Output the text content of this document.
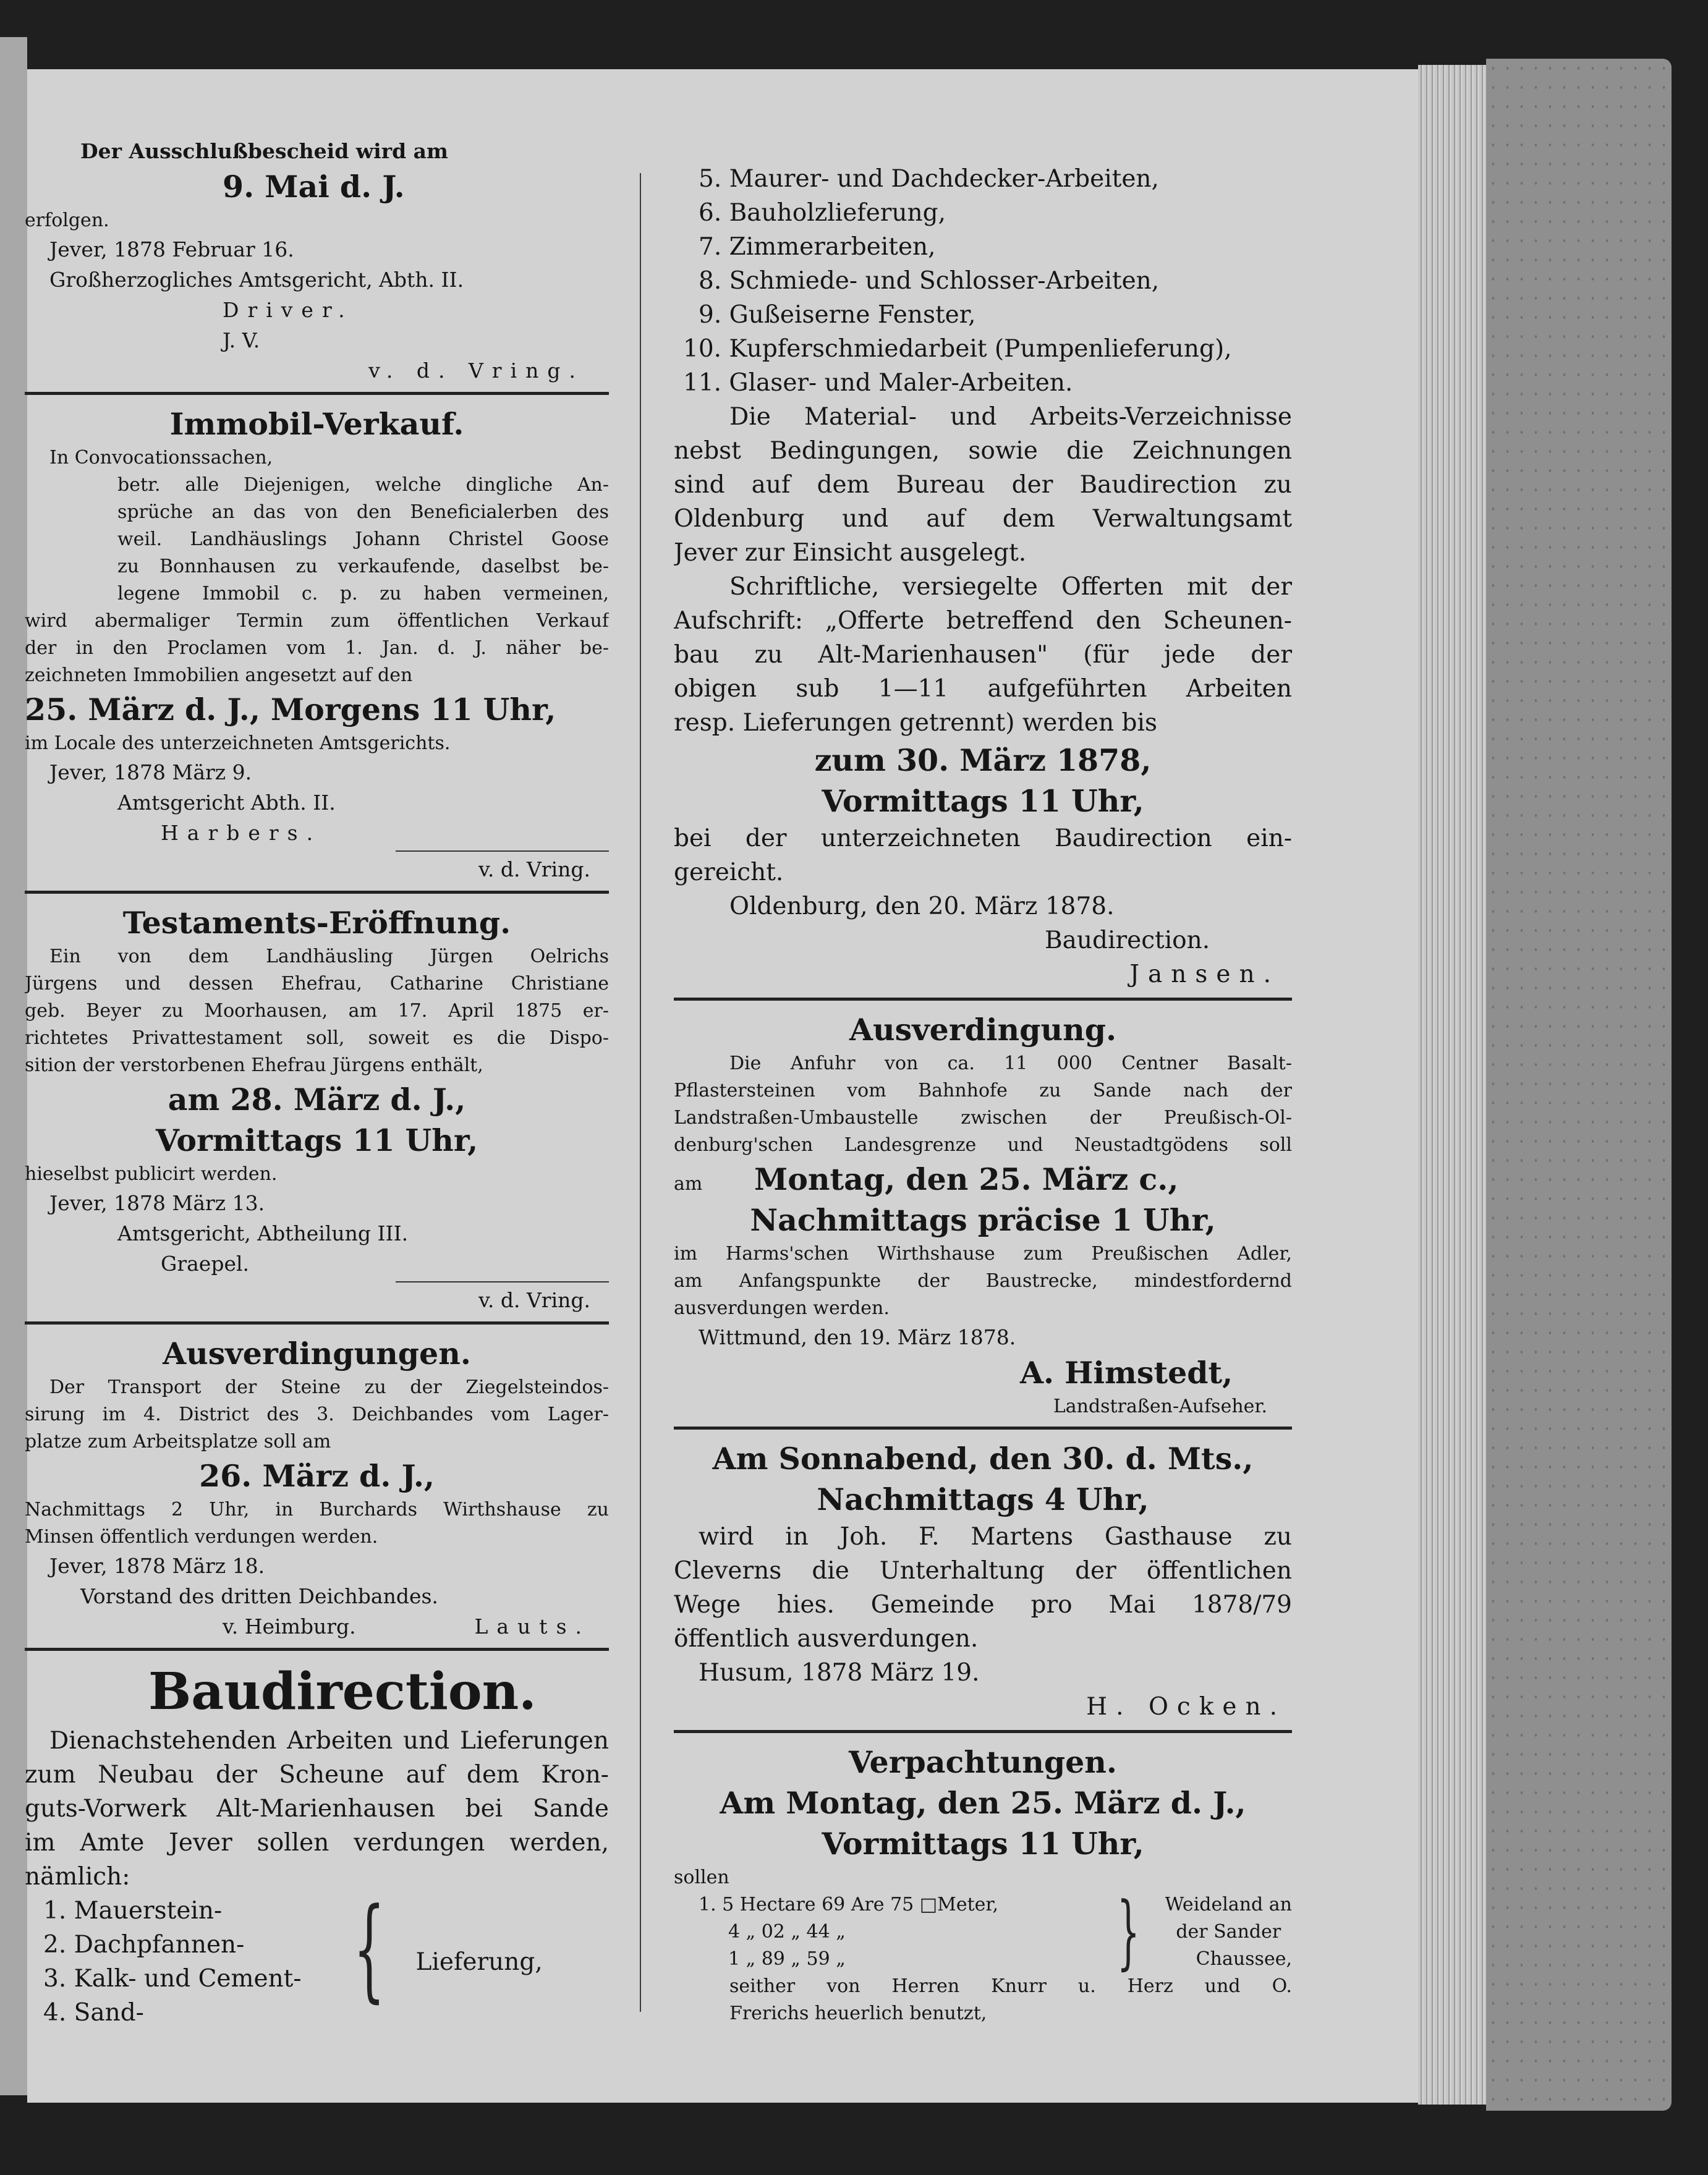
Der Ausschlußbescheid wird am
9. Mai d. J.
erfolgen.
Jever, 1878 Februar 16.
Großherzogliches Amtsgericht, Abth. II.
Driver.
J. V.
v. d. Vring.
Immobil-Verkauf.
In Convocationssachen,
betr. alle Diejenigen, welche dingliche An-
sprüche an das von den Beneficialerben des
weil. Landhäuslings Johann Christel Goose
zu Bonnhausen zu verkaufende, daselbst be-
legene Immobil c. p. zu haben vermeinen,
wird abermaliger Termin zum öffentlichen Verkauf
der in den Proclamen vom 1. Jan. d. J. näher be-
zeichneten Immobilien angesetzt auf den
25. März d. J., Morgens 11 Uhr,
im Locale des unterzeichneten Amtsgerichts.
Jever, 1878 März 9.
Amtsgericht Abth. II.
Harbers.
v. d. Vring.
Testaments-Eröffnung.
Ein von dem Landhäusling Jürgen Oelrichs
Jürgens und dessen Ehefrau, Catharine Christiane
geb. Beyer zu Moorhausen, am 17. April 1875 er-
richtetes Privattestament soll, soweit es die Dispo-
sition der verstorbenen Ehefrau Jürgens enthält,
am 28. März d. J.,
Vormittags 11 Uhr,
hieselbst publicirt werden.
Jever, 1878 März 13.
Amtsgericht, Abtheilung III.
Graepel.
v. d. Vring.
Ausverdingungen.
Der Transport der Steine zu der Ziegelsteindos-
sirung im 4. District des 3. Deichbandes vom Lager-
platze zum Arbeitsplatze soll am
26. März d. J.,
Nachmittags 2 Uhr, in Burchards Wirthshause zu
Minsen öffentlich verdungen werden.
Jever, 1878 März 18.
Vorstand des dritten Deichbandes.
v. Heimburg.	Lauts.
Baudirection.
Dienachstehenden Arbeiten und Lieferungen
zum Neubau der Scheune auf dem Kron-
guts-Vorwerk Alt-Marienhausen bei Sande
im Amte Jever sollen verdungen werden,
nämlich:
1. Mauerstein-
2. Dachpfannen-
3. Kalk- und Cement-
4. Sand-	{ Lieferung,
5. Maurer- und Dachdecker-Arbeiten,
6. Bauholzlieferung,
7. Zimmerarbeiten,
8. Schmiede- und Schlosser-Arbeiten,
9. Gußeiserne Fenster,
10. Kupferschmiedarbeit (Pumpenlieferung),
11. Glaser- und Maler-Arbeiten.
Die Material- und Arbeits-Verzeichnisse
nebst Bedingungen, sowie die Zeichnungen
sind auf dem Bureau der Baudirection zu
Oldenburg und auf dem Verwaltungsamt
Jever zur Einsicht ausgelegt.
Schriftliche, versiegelte Offerten mit der
Aufschrift: „Offerte betreffend den Scheunen-
bau zu Alt-Marienhausen" (für jede der
obigen sub 1—11 aufgeführten Arbeiten
resp. Lieferungen getrennt) werden bis
zum 30. März 1878,
Vormittags 11 Uhr,
bei der unterzeichneten Baudirection ein-
gereicht.
Oldenburg, den 20. März 1878.
Baudirection.
Jansen.
Ausverdingung.
Die Anfuhr von ca. 11 000 Centner Basalt-
Pflastersteinen vom Bahnhofe zu Sande nach der
Landstraßen-Umbaustelle zwischen der Preußisch-Ol-
denburg'schen Landesgrenze und Neustadtgödens soll
am	Montag, den 25. März c.,
Nachmittags präcise 1 Uhr,
im Harms'schen Wirthshause zum Preußischen Adler,
am Anfangspunkte der Baustrecke, mindestfordernd
ausverdungen werden.
Wittmund, den 19. März 1878.
A. Himstedt,
Landstraßen-Aufseher.
Am Sonnabend, den 30. d. Mts.,
Nachmittags 4 Uhr,
wird in Joh. F. Martens Gasthause zu
Cleverns die Unterhaltung der öffentlichen
Wege hies. Gemeinde pro Mai 1878/79
öffentlich ausverdungen.
Husum, 1878 März 19.
H. Ocken.
Verpachtungen.
Am Montag, den 25. März d. J.,
Vormittags 11 Uhr,
sollen
1. 5 Hectare 69 Are 75 □Meter,
4 „ 02 „ 44 „
1 „ 89 „ 59 „	} Weideland an
der Sander
Chaussee,
seither von Herren Knurr u. Herz und O.
Frerichs heuerlich benutzt,
